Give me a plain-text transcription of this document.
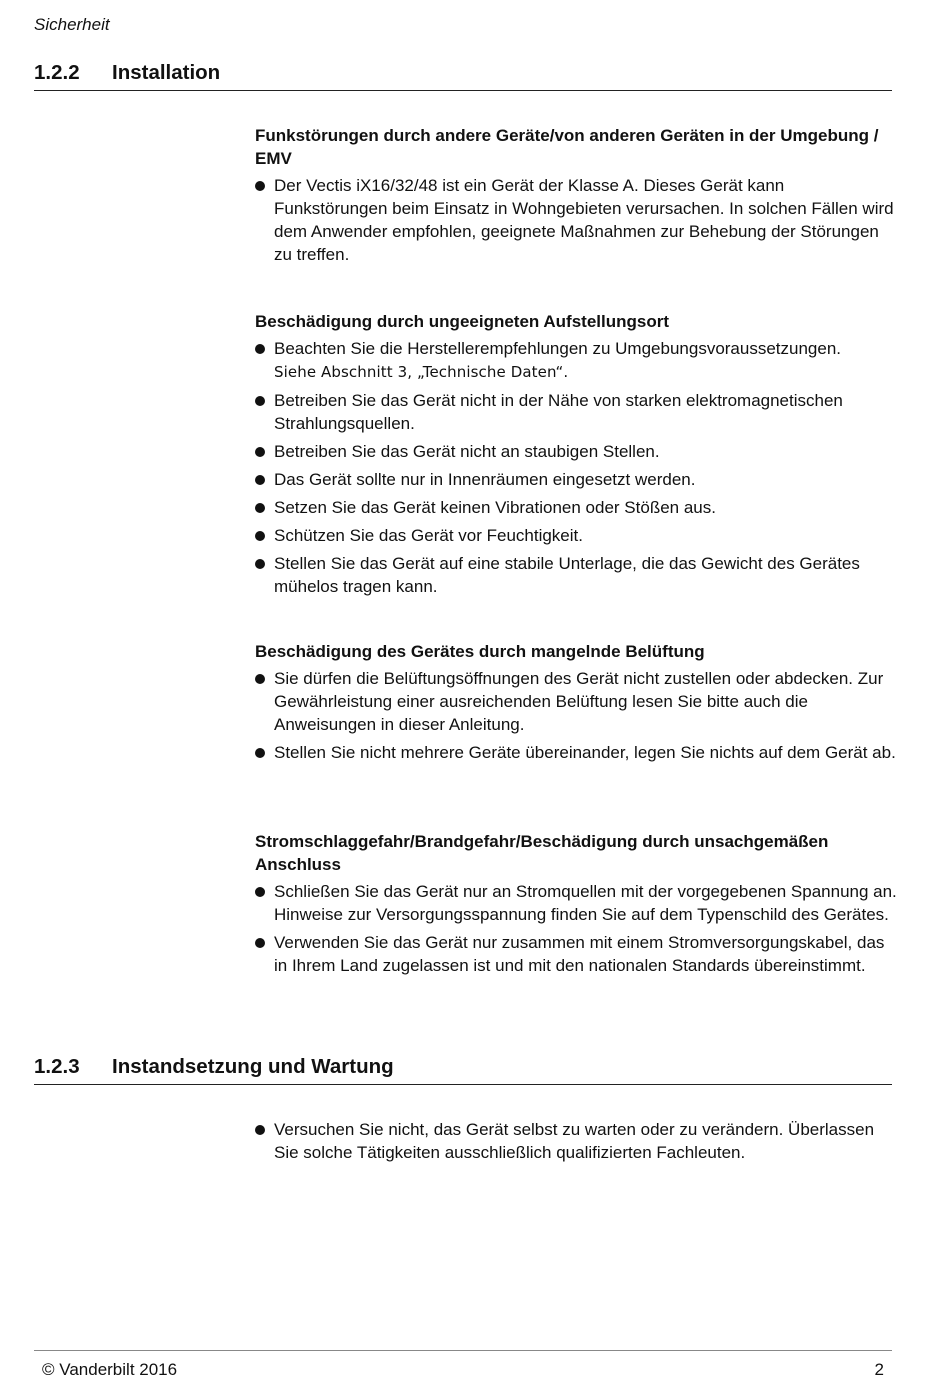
Sicherheit
1.2.2 Installation
Funkstörungen durch andere Geräte/von anderen Geräten in der Umgebung / EMV
Der Vectis iX16/32/48 ist ein Gerät der Klasse A. Dieses Gerät kann Funkstörungen beim Einsatz in Wohngebieten verursachen. In solchen Fällen wird dem Anwender empfohlen, geeignete Maßnahmen zur Behebung der Störungen zu treffen.
Beschädigung durch ungeeigneten Aufstellungsort
Beachten Sie die Herstellerempfehlungen zu Umgebungsvoraussetzungen.
Siehe Abschnitt 3, „Technische Daten“.
Betreiben Sie das Gerät nicht in der Nähe von starken elektromagnetischen Strahlungsquellen.
Betreiben Sie das Gerät nicht an staubigen Stellen.
Das Gerät sollte nur in Innenräumen eingesetzt werden.
Setzen Sie das Gerät keinen Vibrationen oder Stößen aus.
Schützen Sie das Gerät vor Feuchtigkeit.
Stellen Sie das Gerät auf eine stabile Unterlage, die das Gewicht des Gerätes mühelos tragen kann.
Beschädigung des Gerätes durch mangelnde Belüftung
Sie dürfen die Belüftungsöffnungen des Gerät nicht zustellen oder abdecken. Zur Gewährleistung einer ausreichenden Belüftung lesen Sie bitte auch die Anweisungen in dieser Anleitung.
Stellen Sie nicht mehrere Geräte übereinander, legen Sie nichts auf dem Gerät ab.
Stromschlaggefahr/Brandgefahr/Beschädigung durch unsachgemäßen Anschluss
Schließen Sie das Gerät nur an Stromquellen mit der vorgegebenen Spannung an. Hinweise zur Versorgungsspannung finden Sie auf dem Typenschild des Gerätes.
Verwenden Sie das Gerät nur zusammen mit einem Stromversorgungskabel, das in Ihrem Land zugelassen ist und mit den nationalen Standards übereinstimmt.
1.2.3 Instandsetzung und Wartung
Versuchen Sie nicht, das Gerät selbst zu warten oder zu verändern. Überlassen Sie solche Tätigkeiten ausschließlich qualifizierten Fachleuten.
© Vanderbilt 2016	2
